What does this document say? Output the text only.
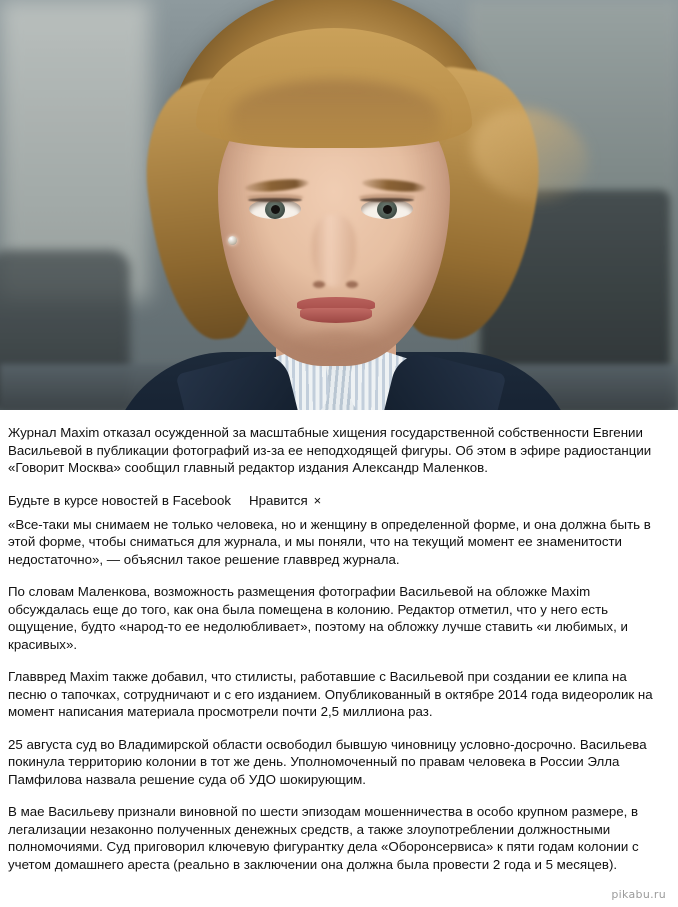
Журнал Maxim отказал осужденной за масштабные хищения государственной собственности Евгении Васильевой в публикации фотографий из-за ее неподходящей фигуры. Об этом в эфире радиостанции «Говорит Москва» сообщил главный редактор издания Александр Маленков.

Будьте в курсе новостей в Facebook Нравится ×

«Все-таки мы снимаем не только человека, но и женщину в определенной форме, и она должна быть в этой форме, чтобы сниматься для журнала, и мы поняли, что на текущий момент ее знаменитости недостаточно», — объяснил такое решение главвред журнала.

По словам Маленкова, возможность размещения фотографии Васильевой на обложке Maxim обсуждалась еще до того, как она была помещена в колонию. Редактор отметил, что у него есть ощущение, будто «народ-то ее недолюбливает», поэтому на обложку лучше ставить «и любимых, и красивых».

Главвред Maxim также добавил, что стилисты, работавшие с Васильевой при создании ее клипа на песню о тапочках, сотрудничают и с его изданием. Опубликованный в октябре 2014 года видеоролик на момент написания материала просмотрели почти 2,5 миллиона раз.

25 августа суд во Владимирской области освободил бывшую чиновницу условно-досрочно. Васильева покинула территорию колонии в тот же день. Уполномоченный по правам человека в России Элла Памфилова назвала решение суда об УДО шокирующим.

В мае Васильеву признали виновной по шести эпизодам мошенничества в особо крупном размере, в легализации незаконно полученных денежных средств, а также злоупотреблении должностными полномочиями. Суд приговорил ключевую фигурантку дела «Оборонсервиса» к пяти годам колонии с учетом домашнего ареста (реально в заключении она должна была провести 2 года и 5 месяцев).

pikabu.ru
